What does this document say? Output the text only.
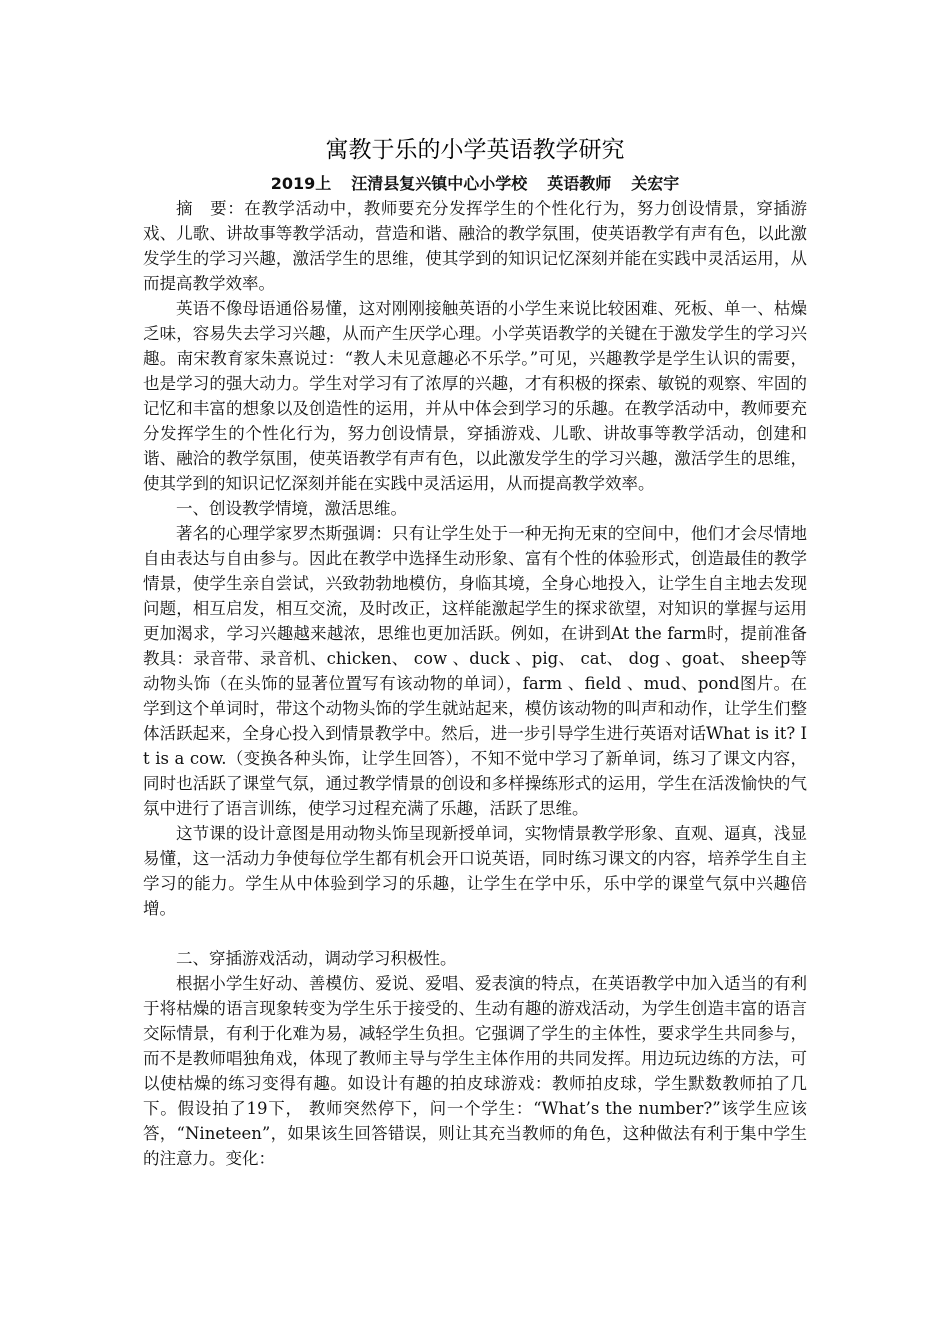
寓教于乐的小学英语教学研究
2019上 汪清县复兴镇中心小学校 英语教师 关宏宇

摘　要：在教学活动中，教师要充分发挥学生的个性化行为，努力创设情景，穿插游戏、儿歌、讲故事等教学活动，营造和谐、融洽的教学氛围，使英语教学有声有色，以此激发学生的学习兴趣，激活学生的思维，使其学到的知识记忆深刻并能在实践中灵活运用，从而提高教学效率。

英语不像母语通俗易懂，这对刚刚接触英语的小学生来说比较困难、死板、单一、枯燥乏味，容易失去学习兴趣，从而产生厌学心理。小学英语教学的关键在于激发学生的学习兴趣。南宋教育家朱熹说过：“教人未见意趣必不乐学。”可见，兴趣教学是学生认识的需要，也是学习的强大动力。学生对学习有了浓厚的兴趣，才有积极的探索、敏锐的观察、牢固的记忆和丰富的想象以及创造性的运用，并从中体会到学习的乐趣。在教学活动中，教师要充分发挥学生的个性化行为，努力创设情景，穿插游戏、儿歌、讲故事等教学活动，创建和谐、融洽的教学氛围，使英语教学有声有色，以此激发学生的学习兴趣，激活学生的思维，使其学到的知识记忆深刻并能在实践中灵活运用，从而提高教学效率。

一、创设教学情境，激活思维。

著名的心理学家罗杰斯强调：只有让学生处于一种无拘无束的空间中，他们才会尽情地自由表达与自由参与。因此在教学中选择生动形象、富有个性的体验形式，创造最佳的教学情景，使学生亲自尝试，兴致勃勃地模仿，身临其境，全身心地投入，让学生自主地去发现问题，相互启发，相互交流，及时改正，这样能激起学生的探求欲望，对知识的掌握与运用更加渴求，学习兴趣越来越浓，思维也更加活跃。例如，在讲到At the farm时，提前准备教具：录音带、录音机、chicken、 cow 、duck 、pig、 cat、 dog 、goat、 sheep等动物头饰（在头饰的显著位置写有该动物的单词），farm 、field 、mud、pond图片。在学到这个单词时，带这个动物头饰的学生就站起来，模仿该动物的叫声和动作，让学生们整体活跃起来，全身心投入到情景教学中。然后，进一步引导学生进行英语对话What is it? It is a cow.（变换各种头饰，让学生回答），不知不觉中学习了新单词，练习了课文内容，同时也活跃了课堂气氛，通过教学情景的创设和多样操练形式的运用，学生在活泼愉快的气氛中进行了语言训练，使学习过程充满了乐趣，活跃了思维。

这节课的设计意图是用动物头饰呈现新授单词，实物情景教学形象、直观、逼真，浅显易懂，这一活动力争使每位学生都有机会开口说英语，同时练习课文的内容，培养学生自主学习的能力。学生从中体验到学习的乐趣，让学生在学中乐，乐中学的课堂气氛中兴趣倍增。

二、穿插游戏活动，调动学习积极性。

根据小学生好动、善模仿、爱说、爱唱、爱表演的特点，在英语教学中加入适当的有利于将枯燥的语言现象转变为学生乐于接受的、生动有趣的游戏活动，为学生创造丰富的语言交际情景，有利于化难为易，减轻学生负担。它强调了学生的主体性，要求学生共同参与，而不是教师唱独角戏，体现了教师主导与学生主体作用的共同发挥。用边玩边练的方法，可以使枯燥的练习变得有趣。如设计有趣的拍皮球游戏：教师拍皮球，学生默数教师拍了几下。假设拍了19下， 教师突然停下，问一个学生：“What’s the number?”该学生应该答，“Nineteen”，如果该生回答错误，则让其充当教师的角色，这种做法有利于集中学生的注意力。变化：
